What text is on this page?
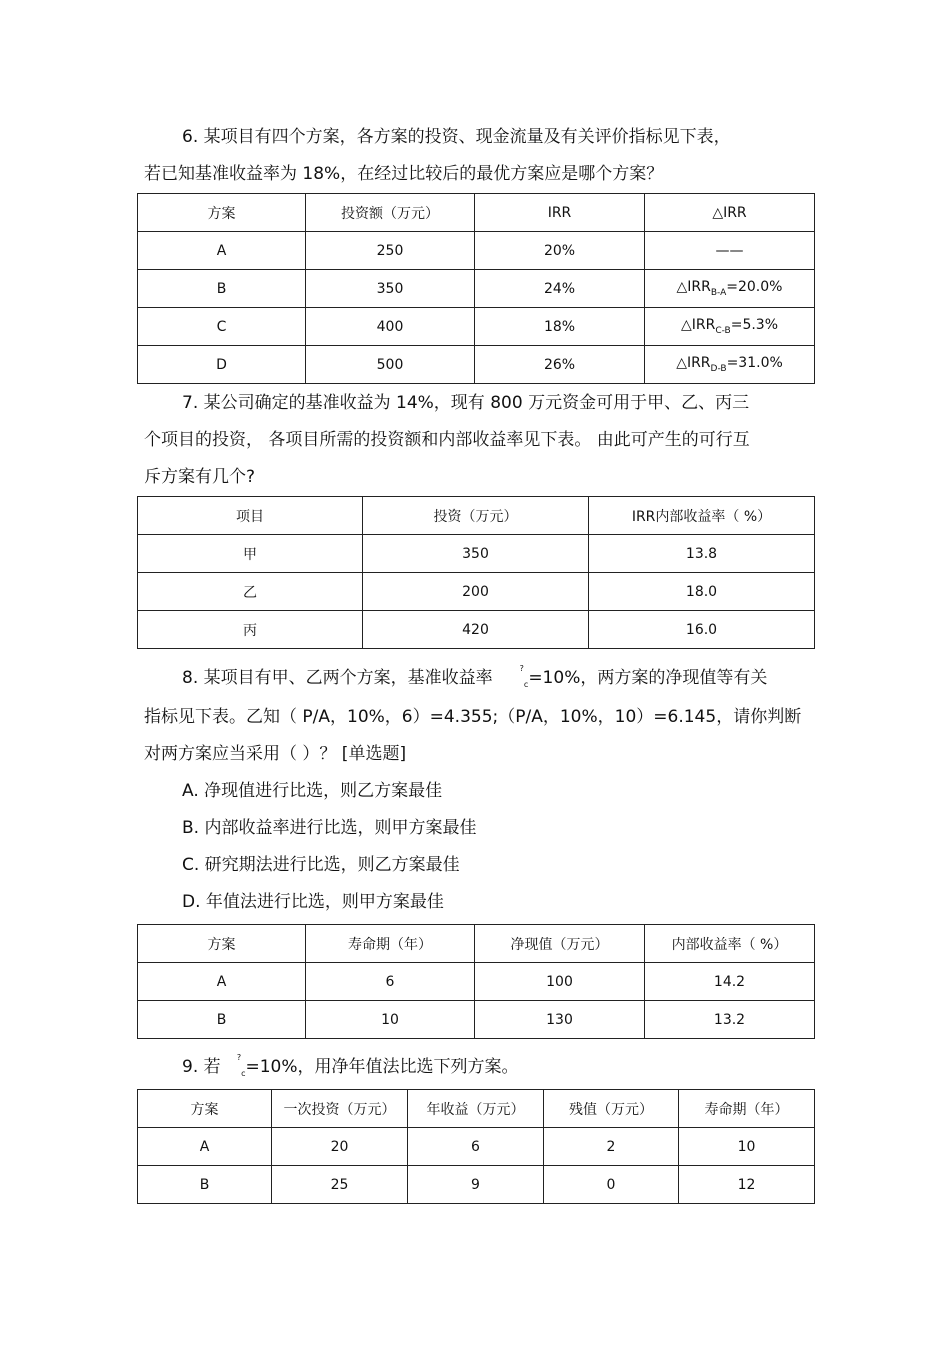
6. 某项目有四个方案，各方案的投资、现金流量及有关评价指标见下表，

若已知基准收益率为 18%，在经过比较后的最优方案应是哪个方案？

方案	投资额（万元）	IRR	△IRR
A	250	20%	——
B	350	24%	$\triangle IRR_{B-A}=20.0\%$
C	400	18%	$\triangle IRR_{C-B}=5.3\%$
D	500	26%	$\triangle IRR_{D-B}=31.0\%$

7. 某公司确定的基准收益为 14%，现有 800 万元资金可用于甲、乙、丙三

个项目的投资， 各项目所需的投资额和内部收益率见下表。 由此可产生的可行互

斥方案有几个?

项目	投资（万元）	IRR内部收益率（ %）
甲	350	13.8
乙	200	18.0
丙	420	16.0

8. 某项目有甲、乙两个方案，基准收益率	?$_c$=10%，两方案的净现值等有关

指标见下表。乙知（ P/A，10%，6）=4.355;（P/A，10%，10）=6.145，请你判断

对两方案应当采用（ ）？ [单选题]

A. 净现值进行比选，则乙方案最佳

B. 内部收益率进行比选，则甲方案最佳

C. 研究期法进行比选，则乙方案最佳

D. 年值法进行比选，则甲方案最佳

方案	寿命期（年）	净现值（万元）	内部收益率（ %）
A	6	100	14.2
B	10	130	13.2

9. 若 ?$_c$=10%，用净年值法比选下列方案。

方案	一次投资（万元）	年收益（万元）	残值（万元）	寿命期（年）
A	20	6	2	10
B	25	9	0	12
